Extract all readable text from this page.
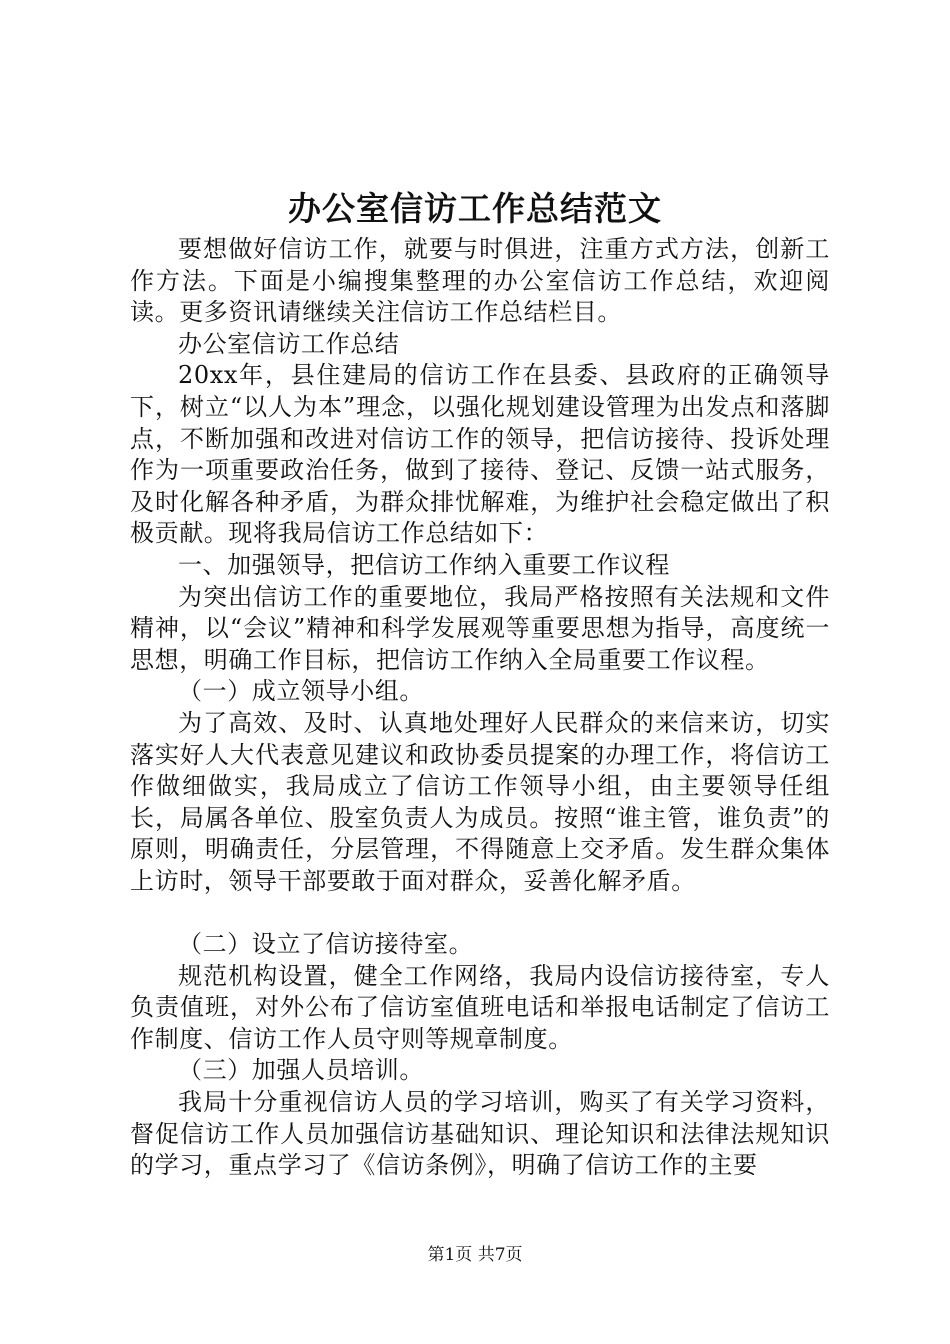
办公室信访工作总结范文

要想做好信访工作，就要与时俱进，注重方式方法，创新工作方法。下面是小编搜集整理的办公室信访工作总结，欢迎阅读。更多资讯请继续关注信访工作总结栏目。

办公室信访工作总结

20xx年，县住建局的信访工作在县委、县政府的正确领导下，树立“以人为本”理念，以强化规划建设管理为出发点和落脚点，不断加强和改进对信访工作的领导，把信访接待、投诉处理作为一项重要政治任务，做到了接待、登记、反馈一站式服务，及时化解各种矛盾，为群众排忧解难，为维护社会稳定做出了积极贡献。现将我局信访工作总结如下：

一、加强领导，把信访工作纳入重要工作议程

为突出信访工作的重要地位，我局严格按照有关法规和文件精神，以“会议”精神和科学发展观等重要思想为指导，高度统一思想，明确工作目标，把信访工作纳入全局重要工作议程。

（一）成立领导小组。

为了高效、及时、认真地处理好人民群众的来信来访，切实落实好人大代表意见建议和政协委员提案的办理工作，将信访工作做细做实，我局成立了信访工作领导小组，由主要领导任组长，局属各单位、股室负责人为成员。按照“谁主管，谁负责”的原则，明确责任，分层管理，不得随意上交矛盾。发生群众集体上访时，领导干部要敢于面对群众，妥善化解矛盾。

（二）设立了信访接待室。

规范机构设置，健全工作网络，我局内设信访接待室，专人负责值班，对外公布了信访室值班电话和举报电话制定了信访工作制度、信访工作人员守则等规章制度。

（三）加强人员培训。

我局十分重视信访人员的学习培训，购买了有关学习资料，督促信访工作人员加强信访基础知识、理论知识和法律法规知识的学习，重点学习了《信访条例》，明确了信访工作的主要

第1页 共7页
